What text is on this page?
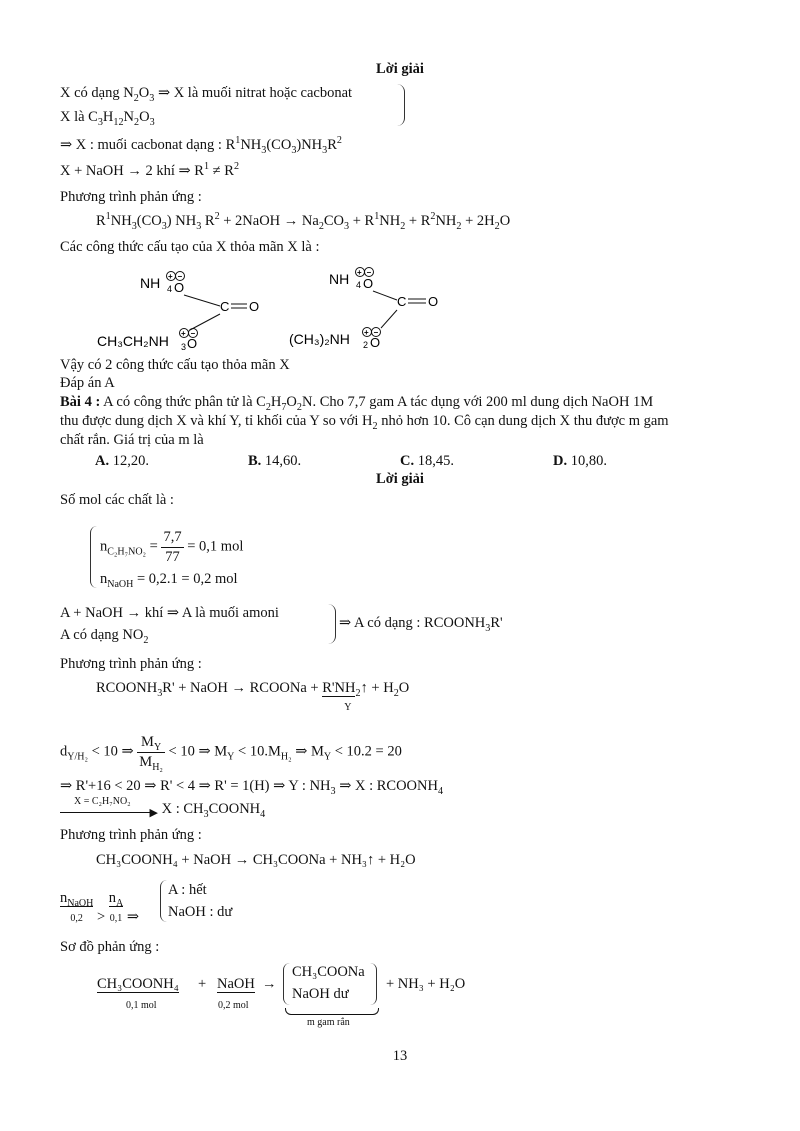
Lời giải
X có dạng $N_2O_3$ ⇒ X là muối nitrat hoặc cacbonat
X là $C_3H_{12}N_2O_3$
⇒ X : muối cacbonat dạng : $R^1NH_3(CO_3)NH_3R^2$
X + NaOH → 2 khí ⇒ $R^1 \ne R^2$
Phương trình phản ứng :
$R^1NH_3(CO_3)$ $NH_3$ $R^2$ + 2NaOH → $Na_2CO_3 + R^1NH_2 + R^2NH_2 + 2H_2O$
Các công thức cấu tạo của X thỏa mãn X là :
NH 4
+ −
O
C O
CH₃CH₂NH 3
+ −
O
NH 4
+ −
O
C O
(CH₃)₂NH 2
+ −
O
Vậy có 2 công thức cấu tạo thỏa mãn X
Đáp án A
Bài 4 : A có công thức phân tử là $C_2H_7O_2N$. Cho 7,7 gam A tác dụng với 200 ml dung dịch NaOH 1M
thu được dung dịch X và khí Y, tỉ khối của Y so với $H_2$ nhỏ hơn 10. Cô cạn dung dịch X thu được m gam
chất rắn. Giá trị của m là
A. 12,20.	B. 14,60.	C. 18,45.	D. 10,80.
Lời giải
Số mol các chất là :
$n_{C_2H_7NO_2} = \frac{7,7}{77} = 0,1$ mol
$n_{NaOH} = 0,2.1 = 0,2$ mol
A + NaOH → khí ⇒ A là muối amoni
A có dạng $NO_2$
⇒ A có dạng : $RCOONH_3R'$
Phương trình phản ứng :
$RCOONH_3R'$ + NaOH → RCOONa + $R'NH_2$
Y
↑ + $H_2O$
$d_{Y/H_2} < 10$ ⇒ $\frac{M_Y}{M_{H_2}} < 10$ ⇒ $M_Y < 10.M_{H_2}$ ⇒ $M_Y < 10.2 = 20$
⇒ R'+16 < 20 ⇒ R' < 4 ⇒ R' = 1(H) ⇒ Y : $NH_3$ ⇒ X : $RCOONH_4$
X = C₂H₇NO₂
▶ X : $CH_3COONH_4$
Phương trình phản ứng :
CH₃COONH₄ + NaOH → CH₃COONa + NH₃↑ + H₂O
$n_{NaOH}$
$0,2 > n_A$
0,1 ⇒
A : hết
NaOH : dư
Sơ đồ phản ứng :
CH₃COONH₄
0,1 mol
+ NaOH
0,2 mol
→
CH₃COONa
NaOH dư
m gam rắn
+ NH₃ + H₂O
13
